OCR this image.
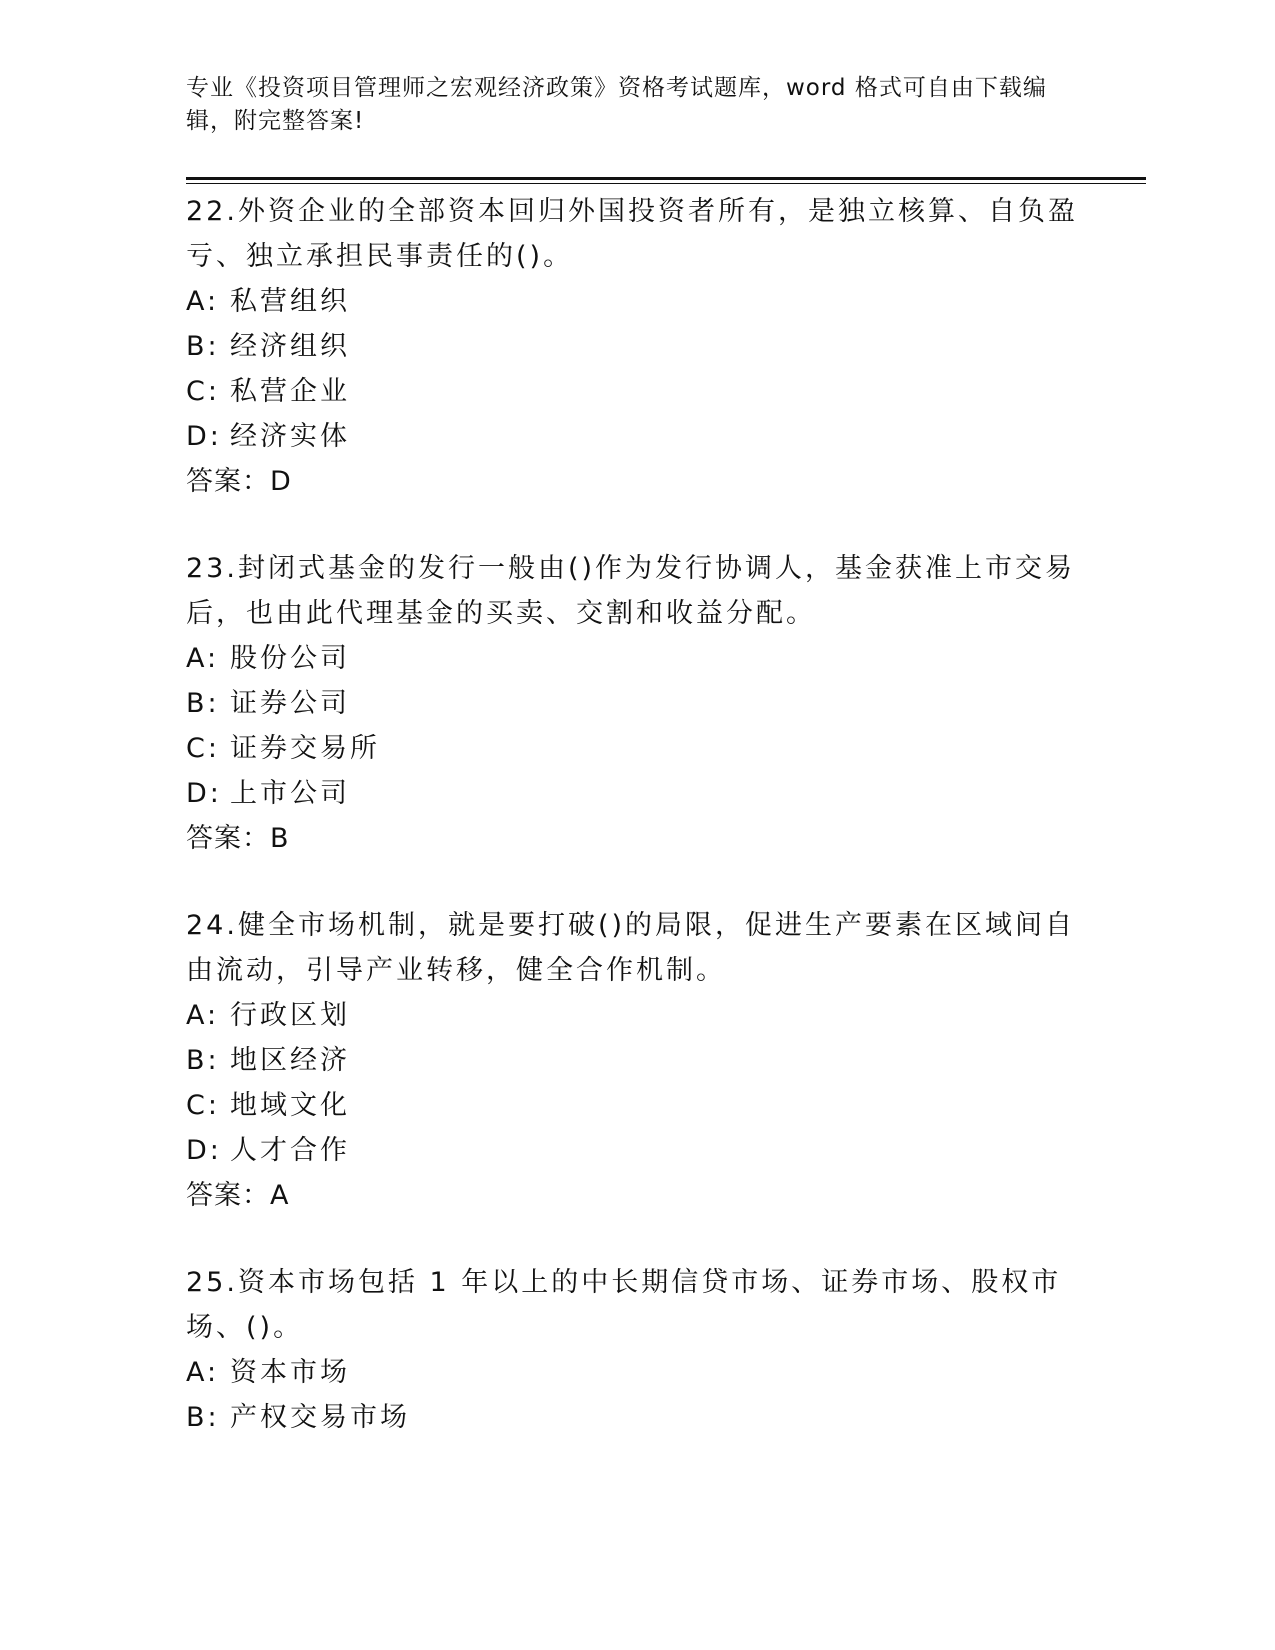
专业《投资项目管理师之宏观经济政策》资格考试题库，word 格式可自由下载编辑，附完整答案!

22.外资企业的全部资本回归外国投资者所有，是独立核算、自负盈亏、独立承担民事责任的()。

A: 私营组织
B: 经济组织
C: 私营企业
D: 经济实体
答案：D

23.封闭式基金的发行一般由()作为发行协调人，基金获准上市交易后，也由此代理基金的买卖、交割和收益分配。

A: 股份公司
B: 证券公司
C: 证券交易所
D: 上市公司
答案：B

24.健全市场机制，就是要打破()的局限，促进生产要素在区域间自由流动，引导产业转移，健全合作机制。

A: 行政区划
B: 地区经济
C: 地域文化
D: 人才合作
答案：A

25.资本市场包括 1 年以上的中长期信贷市场、证券市场、股权市场、()。

A: 资本市场
B: 产权交易市场
